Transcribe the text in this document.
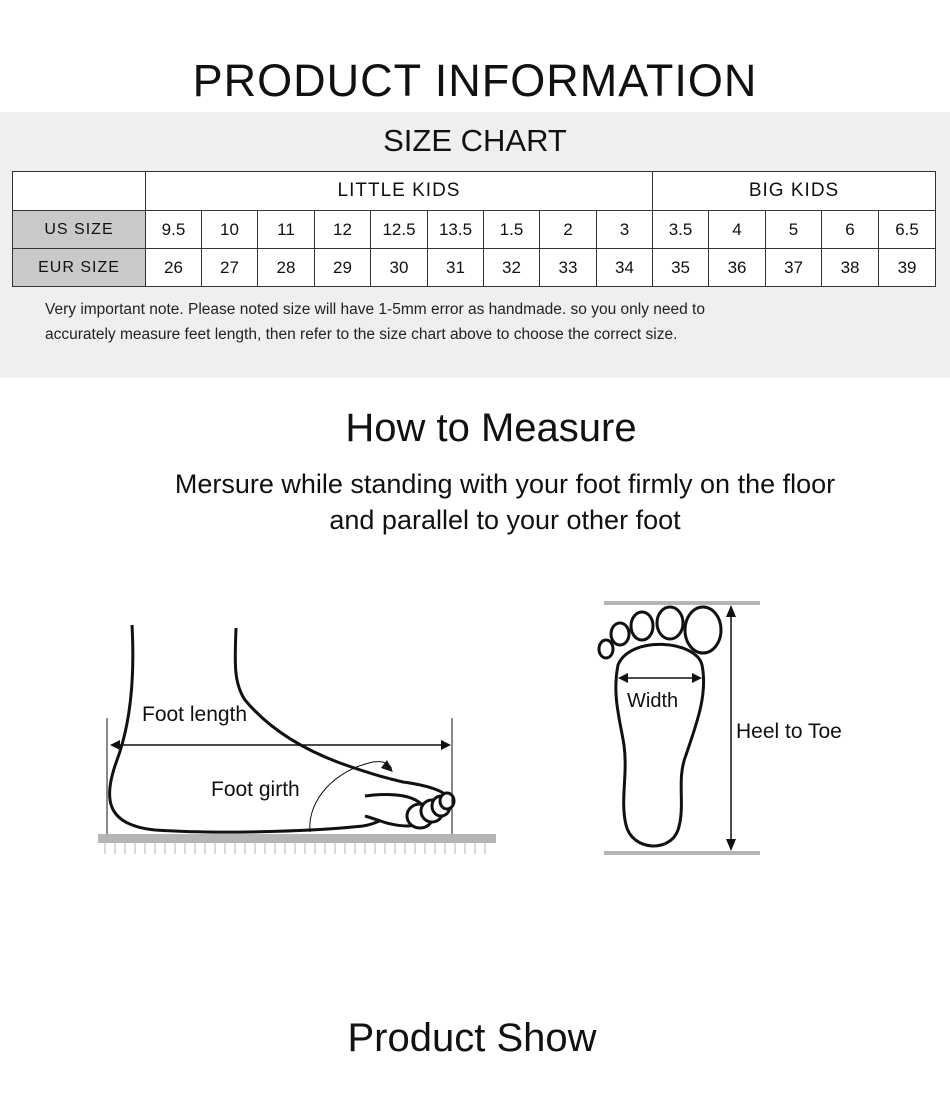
PRODUCT INFORMATION
SIZE CHART
	LITTLE KIDS									BIG KIDS				
US SIZE	9.5	10	11	12	12.5	13.5	1.5	2	3	3.5	4	5	6	6.5
EUR SIZE	26	27	28	29	30	31	32	33	34	35	36	37	38	39
Very important note. Please noted size will have 1-5mm error as handmade. so you only need to
accurately measure feet length, then refer to the size chart above to choose the correct size.
How to Measure
Mersure while standing with your foot firmly on the floor
and parallel to your other foot
Foot length
Foot girth
Width
Heel to Toe
Product Show
